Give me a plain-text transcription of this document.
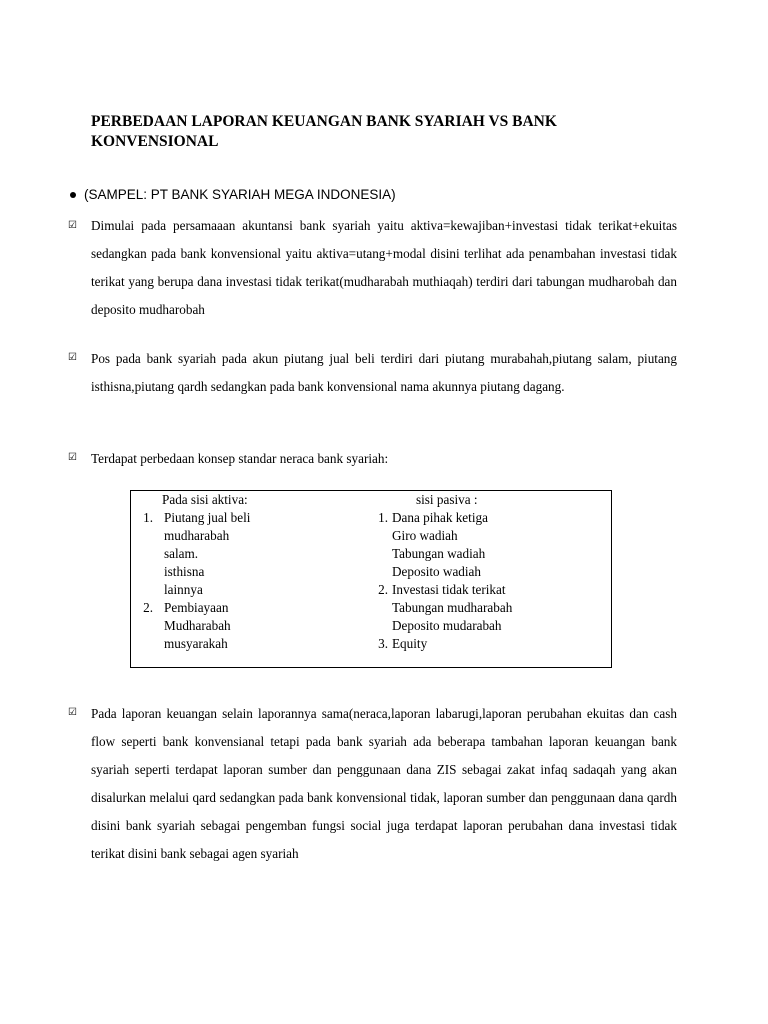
PERBEDAAN LAPORAN KEUANGAN BANK SYARIAH VS BANK KONVENSIONAL
(SAMPEL: PT BANK SYARIAH MEGA INDONESIA)
☑ Dimulai pada persamaaan akuntansi bank syariah yaitu aktiva=kewajiban+investasi tidak terikat+ekuitas sedangkan pada bank konvensional yaitu aktiva=utang+modal disini terlihat ada penambahan investasi tidak terikat yang berupa dana investasi tidak terikat(mudharabah muthiaqah) terdiri dari tabungan mudharobah dan deposito mudharobah

☑ Pos pada bank syariah pada akun piutang jual beli terdiri dari piutang murabahah,piutang salam, piutang isthisna,piutang qardh sedangkan pada bank konvensional nama akunnya piutang dagang.

☑ Terdapat perbedaan konsep standar neraca bank syariah:

Pada sisi aktiva:
1. Piutang jual beli
mudharabah
salam.
isthisna
lainnya
2. Pembiayaan
Mudharabah
musyarakah
sisi pasiva :
1. Dana pihak ketiga
Giro wadiah
Tabungan wadiah
Deposito wadiah
2. Investasi tidak terikat
Tabungan mudharabah
Deposito mudarabah
3. Equity
☑ Pada laporan keuangan selain laporannya sama(neraca,laporan labarugi,laporan perubahan ekuitas dan cash flow seperti bank konvensianal tetapi pada bank syariah ada beberapa tambahan laporan keuangan bank syariah seperti terdapat laporan sumber dan penggunaan dana ZIS sebagai zakat infaq sadaqah yang akan disalurkan melalui qard sedangkan pada bank konvensional tidak, laporan sumber dan penggunaan dana qardh disini bank syariah sebagai pengemban fungsi social juga terdapat laporan perubahan dana investasi tidak terikat disini bank sebagai agen syariah
